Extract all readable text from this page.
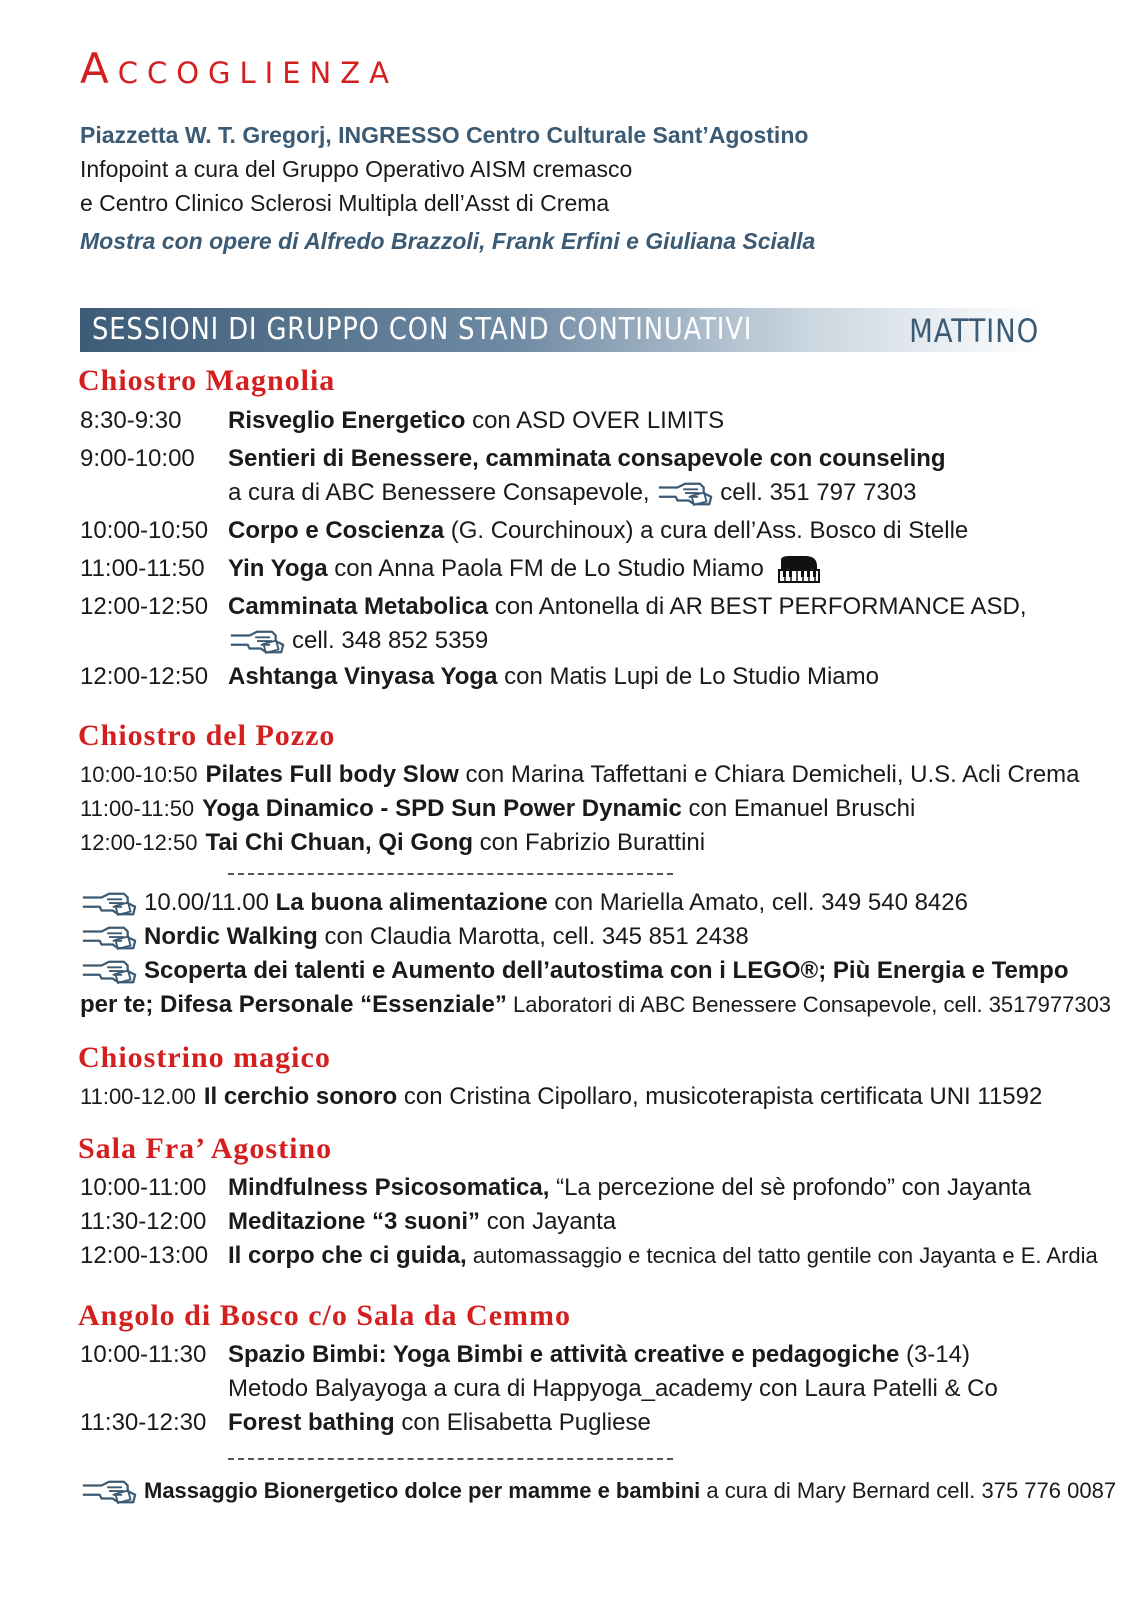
Accoglienza
Piazzetta W. T. Gregorj, INGRESSO Centro Culturale Sant’Agostino
Infopoint a cura del Gruppo Operativo AISM cremasco
e Centro Clinico Sclerosi Multipla dell’Asst di Crema
Mostra con opere di Alfredo Brazzoli, Frank Erfini e Giuliana Scialla
SESSIONI DI GRUPPO CON STAND CONTINUATIVI	MATTINO
Chiostro Magnolia
8:30-9:30 Risveglio Energetico con ASD OVER LIMITS
9:00-10:00 Sentieri di Benessere, camminata consapevole con counseling
a cura di ABC Benessere Consapevole,	cell. 351 797 7303
10:00-10:50 Corpo e Coscienza (G. Courchinoux) a cura dell’Ass. Bosco di Stelle
11:00-11:50 Yin Yoga con Anna Paola FM de Lo Studio Miamo
12:00-12:50 Camminata Metabolica con Antonella di AR BEST PERFORMANCE ASD,
cell. 348 852 5359
12:00-12:50 Ashtanga Vinyasa Yoga con Matis Lupi de Lo Studio Miamo
Chiostro del Pozzo
10:00-10:50 Pilates Full body Slow con Marina Taffettani e Chiara Demicheli, U.S. Acli Crema
11:00-11:50 Yoga Dinamico - SPD Sun Power Dynamic con Emanuel Bruschi
12:00-12:50 Tai Chi Chuan, Qi Gong con Fabrizio Burattini
10.00/11.00 La buona alimentazione con Mariella Amato, cell. 349 540 8426
Nordic Walking con Claudia Marotta, cell. 345 851 2438
Scoperta dei talenti e Aumento dell’autostima con i LEGO®; Più Energia e Tempo
per te; Difesa Personale “Essenziale” Laboratori di ABC Benessere Consapevole, cell. 3517977303
Chiostrino magico
11:00-12.00 Il cerchio sonoro con Cristina Cipollaro, musicoterapista certificata UNI 11592
Sala Fra’ Agostino
10:00-11:00 Mindfulness Psicosomatica, “La percezione del sè profondo” con Jayanta
11:30-12:00 Meditazione “3 suoni” con Jayanta
12:00-13:00 Il corpo che ci guida, automassaggio e tecnica del tatto gentile con Jayanta e E. Ardia
Angolo di Bosco c/o Sala da Cemmo
10:00-11:30 Spazio Bimbi: Yoga Bimbi e attività creative e pedagogiche (3-14)
Metodo Balyayoga a cura di Happyoga_academy con Laura Patelli & Co
11:30-12:30 Forest bathing con Elisabetta Pugliese
Massaggio Bionergetico dolce per mamme e bambini a cura di Mary Bernard cell. 375 776 0087
